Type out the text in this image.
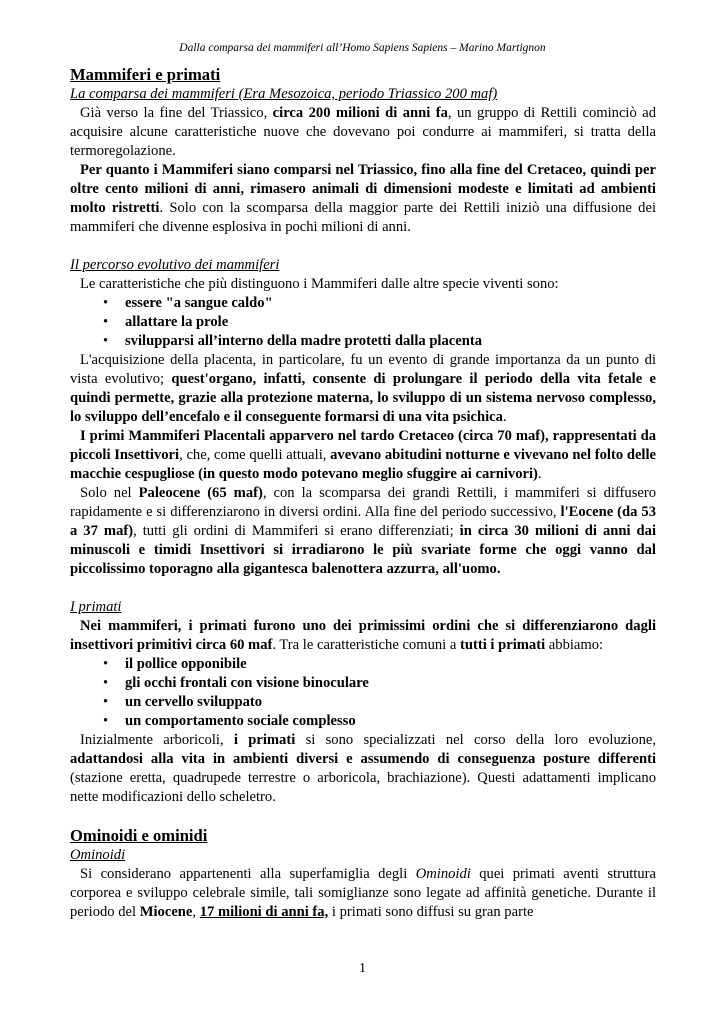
Dalla comparsa dei mammiferi all’Homo Sapiens Sapiens – Marino Martignon
Mammiferi e primati
La comparsa dei mammiferi (Era Mesozoica, periodo Triassico 200 maf)

Già verso la fine del Triassico, circa 200 milioni di anni fa, un gruppo di Rettili cominciò ad acquisire alcune caratteristiche nuove che dovevano poi condurre ai mammiferi, si tratta della termoregolazione.

Per quanto i Mammiferi siano comparsi nel Triassico, fino alla fine del Cretaceo, quindi per oltre cento milioni di anni, rimasero animali di dimensioni modeste e limitati ad ambienti molto ristretti. Solo con la scomparsa della maggior parte dei Rettili iniziò una diffusione dei mammiferi che divenne esplosiva in pochi milioni di anni.

Il percorso evolutivo dei mammiferi

Le caratteristiche che più distinguono i Mammiferi dalle altre specie viventi sono:

• essere "a sangue caldo"
• allattare la prole
• svilupparsi all’interno della madre protetti dalla placenta

L'acquisizione della placenta, in particolare, fu un evento di grande importanza da un punto di vista evolutivo; quest'organo, infatti, consente di prolungare il periodo della vita fetale e quindi permette, grazie alla protezione materna, lo sviluppo di un sistema nervoso complesso, lo sviluppo dell’encefalo e il conseguente formarsi di una vita psichica.

I primi Mammiferi Placentali apparvero nel tardo Cretaceo (circa 70 maf), rappresentati da piccoli Insettivori, che, come quelli attuali, avevano abitudini notturne e vivevano nel folto delle macchie cespugliose (in questo modo potevano meglio sfuggire ai carnivori).

Solo nel Paleocene (65 maf), con la scomparsa dei grandi Rettili, i mammiferi si diffusero rapidamente e si differenziarono in diversi ordini. Alla fine del periodo successivo, l'Eocene (da 53 a 37 maf), tutti gli ordini di Mammiferi si erano differenziati; in circa 30 milioni di anni dai minuscoli e timidi Insettivori si irradiarono le più svariate forme che oggi vanno dal piccolissimo toporagno alla gigantesca balenottera azzurra, all'uomo.

I primati

Nei mammiferi, i primati furono uno dei primissimi ordini che si differenziarono dagli insettivori primitivi circa 60 maf. Tra le caratteristiche comuni a tutti i primati abbiamo:

• il pollice opponibile
• gli occhi frontali con visione binoculare
• un cervello sviluppato
• un comportamento sociale complesso

Inizialmente arboricoli, i primati si sono specializzati nel corso della loro evoluzione, adattandosi alla vita in ambienti diversi e assumendo di conseguenza posture differenti (stazione eretta, quadrupede terrestre o arboricola, brachiazione). Questi adattamenti implicano nette modificazioni dello scheletro.

Ominoidi e ominidi
Ominoidi

Si considerano appartenenti alla superfamiglia degli Ominoidi quei primati aventi struttura corporea e sviluppo celebrale simile, tali somiglianze sono legate ad affinità genetiche. Durante il periodo del Miocene, 17 milioni di anni fa, i primati sono diffusi su gran parte

1
